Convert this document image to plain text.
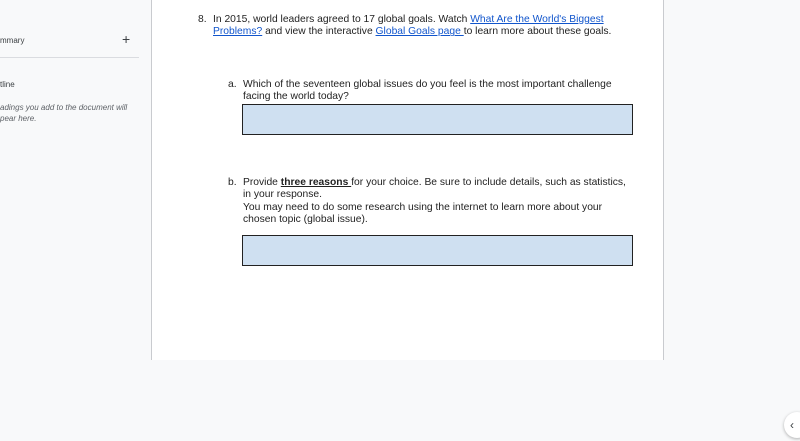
mmary	+
tline
adings you add to the document will pear here.
8. In 2015, world leaders agreed to 17 global goals. Watch What Are the World's Biggest Problems? and view the interactive Global Goals page to learn more about these goals.
a. Which of the seventeen global issues do you feel is the most important challenge facing the world today?
b. Provide three reasons for your choice. Be sure to include details, such as statistics, in your response.
You may need to do some research using the internet to learn more about your chosen topic (global issue).
‹
